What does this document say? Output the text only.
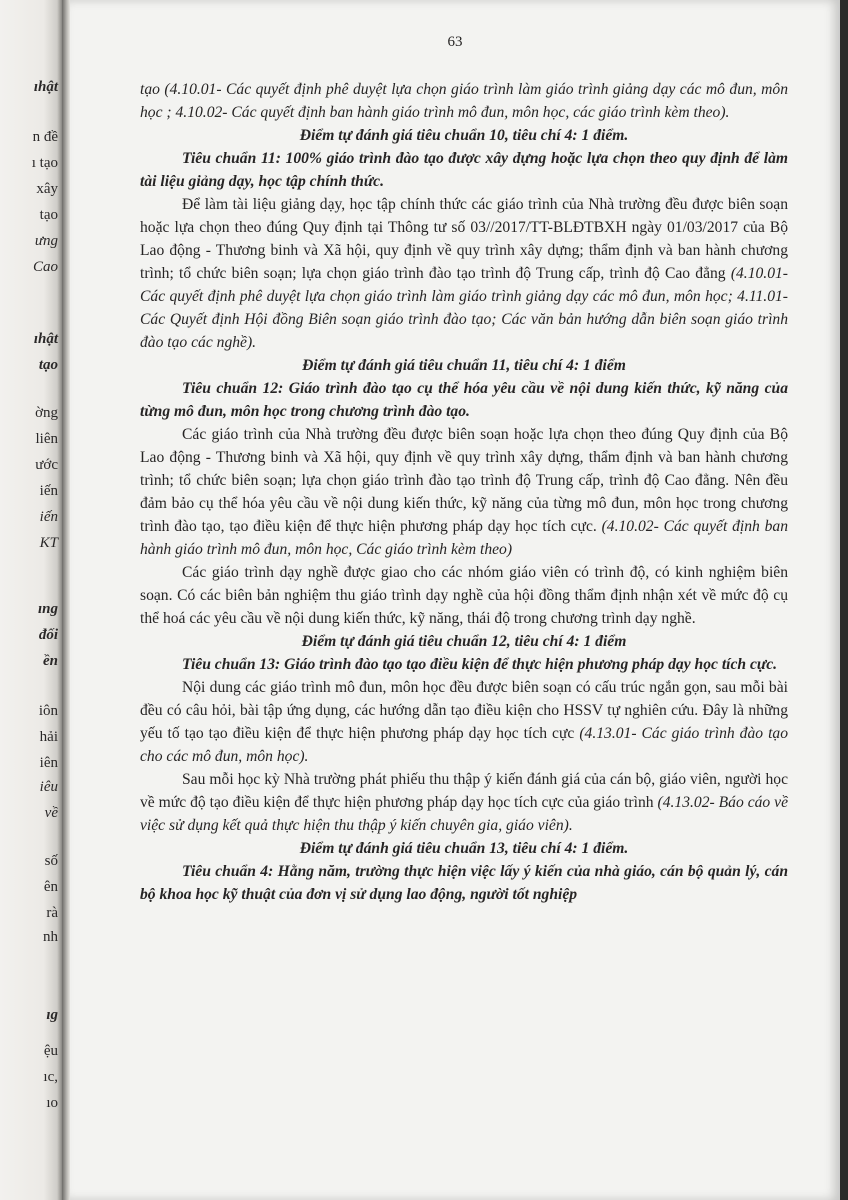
ıhật
n đề
ı tạo
xây
tạo
ưng
Cao
ıhật
tạo
ờng
liên
ước
iến
iến
KT
ıng
đối
ền
iôn
hải
iên
iêu
về
số
ên
rà
nh
ıg
ệu
ıc,
ıo
63

tạo (4.10.01- Các quyết định phê duyệt lựa chọn giáo trình làm giáo trình giảng dạy các mô đun, môn học ; 4.10.02- Các quyết định ban hành giáo trình mô đun, môn học, các giáo trình kèm theo).

Điểm tự đánh giá tiêu chuẩn 10, tiêu chí 4: 1 điểm.

Tiêu chuẩn 11: 100% giáo trình đào tạo được xây dựng hoặc lựa chọn theo quy định để làm tài liệu giảng dạy, học tập chính thức.

Để làm tài liệu giảng dạy, học tập chính thức các giáo trình của Nhà trường đều được biên soạn hoặc lựa chọn theo đúng Quy định tại Thông tư số 03//2017/TT-BLĐTBXH ngày 01/03/2017 của Bộ Lao động - Thương binh và Xã hội, quy định về quy trình xây dựng; thẩm định và ban hành chương trình; tổ chức biên soạn; lựa chọn giáo trình đào tạo trình độ Trung cấp, trình độ Cao đẳng (4.10.01- Các quyết định phê duyệt lựa chọn giáo trình làm giáo trình giảng dạy các mô đun, môn học; 4.11.01- Các Quyết định Hội đồng Biên soạn giáo trình đào tạo; Các văn bản hướng dẫn biên soạn giáo trình đào tạo các nghề).

Điểm tự đánh giá tiêu chuẩn 11, tiêu chí 4: 1 điểm

Tiêu chuẩn 12: Giáo trình đào tạo cụ thể hóa yêu cầu về nội dung kiến thức, kỹ năng của từng mô đun, môn học trong chương trình đào tạo.

Các giáo trình của Nhà trường đều được biên soạn hoặc lựa chọn theo đúng Quy định của Bộ Lao động - Thương binh và Xã hội, quy định về quy trình xây dựng, thẩm định và ban hành chương trình; tổ chức biên soạn; lựa chọn giáo trình đào tạo trình độ Trung cấp, trình độ Cao đẳng. Nên đều đảm bảo cụ thể hóa yêu cầu về nội dung kiến thức, kỹ năng của từng mô đun, môn học trong chương trình đào tạo, tạo điều kiện để thực hiện phương pháp dạy học tích cực. (4.10.02- Các quyết định ban hành giáo trình mô đun, môn học, Các giáo trình kèm theo)

Các giáo trình dạy nghề được giao cho các nhóm giáo viên có trình độ, có kinh nghiệm biên soạn. Có các biên bản nghiệm thu giáo trình dạy nghề của hội đồng thẩm định nhận xét về mức độ cụ thể hoá các yêu cầu về nội dung kiến thức, kỹ năng, thái độ trong chương trình dạy nghề.

Điểm tự đánh giá tiêu chuẩn 12, tiêu chí 4: 1 điểm

Tiêu chuẩn 13: Giáo trình đào tạo tạo điều kiện để thực hiện phương pháp dạy học tích cực.

Nội dung các giáo trình mô đun, môn học đều được biên soạn có cấu trúc ngắn gọn, sau mỗi bài đều có câu hỏi, bài tập ứng dụng, các hướng dẫn tạo điều kiện cho HSSV tự nghiên cứu. Đây là những yếu tố tạo tạo điều kiện để thực hiện phương pháp dạy học tích cực (4.13.01- Các giáo trình đào tạo cho các mô đun, môn học).

Sau mỗi học kỳ Nhà trường phát phiếu thu thập ý kiến đánh giá của cán bộ, giáo viên, người học về mức độ tạo điều kiện để thực hiện phương pháp dạy học tích cực của giáo trình (4.13.02- Báo cáo về việc sử dụng kết quả thực hiện thu thập ý kiến chuyên gia, giáo viên).

Điểm tự đánh giá tiêu chuẩn 13, tiêu chí 4: 1 điểm.

Tiêu chuẩn 4: Hằng năm, trường thực hiện việc lấy ý kiến của nhà giáo, cán bộ quản lý, cán bộ khoa học kỹ thuật của đơn vị sử dụng lao động, người tốt nghiệp
